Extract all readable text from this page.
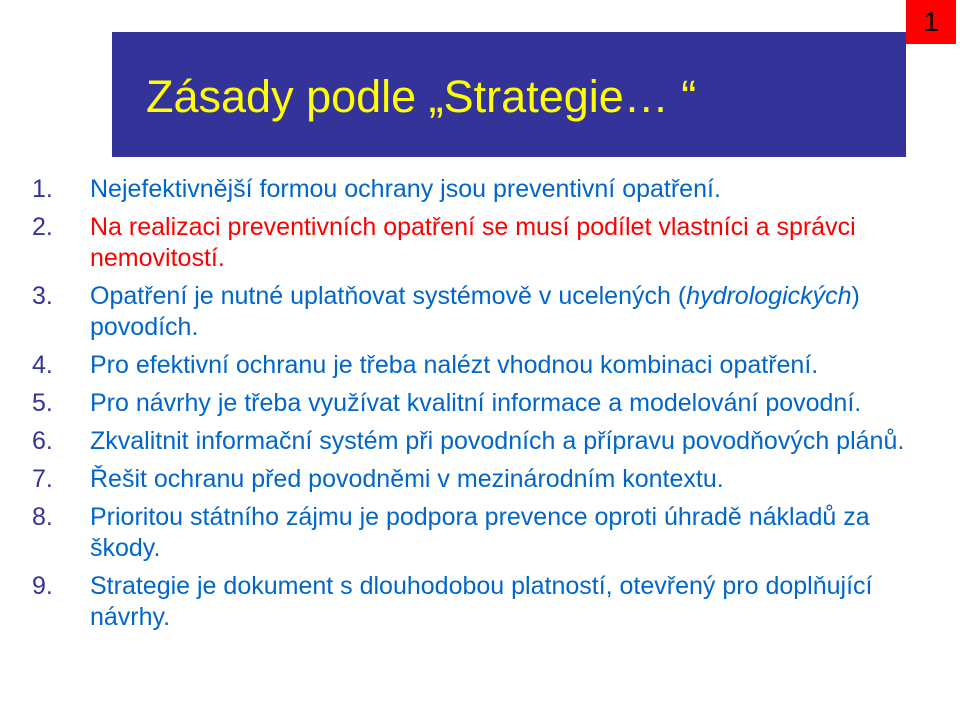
1
Zásady podle „Strategie… “
1. Nejefektivnější formou ochrany jsou preventivní opatření.
2. Na realizaci preventivních opatření se musí podílet vlastníci a správci nemovitostí.
3. Opatření je nutné uplatňovat systémově v ucelených (hydrologických) povodích.
4. Pro efektivní ochranu je třeba nalézt vhodnou kombinaci opatření.
5. Pro návrhy je třeba využívat kvalitní informace a modelování povodní.
6. Zkvalitnit informační systém při povodních a přípravu povodňových plánů.
7. Řešit ochranu před povodněmi v mezinárodním kontextu.
8. Prioritou státního zájmu je podpora prevence oproti úhradě nákladů za škody.
9. Strategie je dokument s dlouhodobou platností, otevřený pro doplňující návrhy.
